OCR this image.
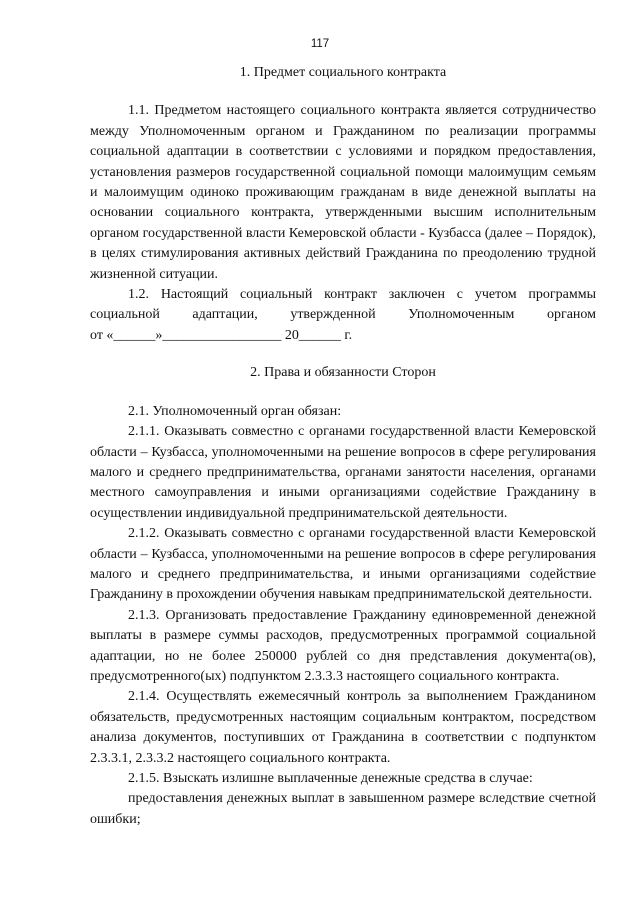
117

1. Предмет социального контракта

1.1. Предметом настоящего социального контракта является сотрудничество между Уполномоченным органом и Гражданином по реализации программы социальной адаптации в соответствии с условиями и порядком предоставления, установления размеров государственной социальной помощи малоимущим семьям и малоимущим одиноко проживающим гражданам в виде денежной выплаты на основании социального контракта, утвержденными высшим исполнительным органом государственной власти Кемеровской области - Кузбасса (далее – Порядок), в целях стимулирования активных действий Гражданина по преодолению трудной жизненной ситуации.

1.2. Настоящий социальный контракт заключен с учетом программы социальной адаптации, утвержденной Уполномоченным органом

от «______»_________________ 20______ г.

2. Права и обязанности Сторон

2.1. Уполномоченный орган обязан:

2.1.1. Оказывать совместно с органами государственной власти Кемеровской области – Кузбасса, уполномоченными на решение вопросов в сфере регулирования малого и среднего предпринимательства, органами занятости населения, органами местного самоуправления и иными организациями содействие Гражданину в осуществлении индивидуальной предпринимательской деятельности.

2.1.2. Оказывать совместно с органами государственной власти Кемеровской области – Кузбасса, уполномоченными на решение вопросов в сфере регулирования малого и среднего предпринимательства, и иными организациями содействие Гражданину в прохождении обучения навыкам предпринимательской деятельности.

2.1.3. Организовать предоставление Гражданину единовременной денежной выплаты в размере суммы расходов, предусмотренных программой социальной адаптации, но не более 250000 рублей со дня представления документа(ов), предусмотренного(ых) подпунктом 2.3.3.3 настоящего социального контракта.

2.1.4. Осуществлять ежемесячный контроль за выполнением Гражданином обязательств, предусмотренных настоящим социальным контрактом, посредством анализа документов, поступивших от Гражданина в соответствии с подпунктом 2.3.3.1, 2.3.3.2 настоящего социального контракта.

2.1.5. Взыскать излишне выплаченные денежные средства в случае:

предоставления денежных выплат в завышенном размере вследствие счетной ошибки;
